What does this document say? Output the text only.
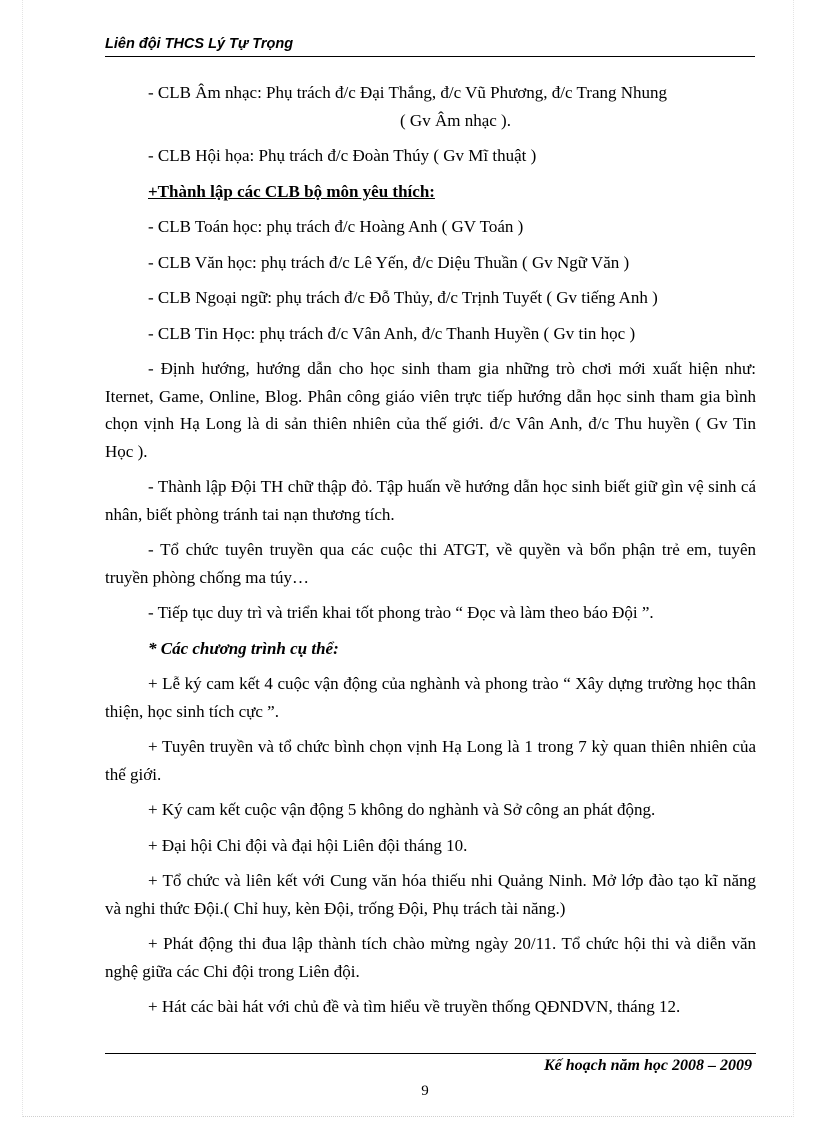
Liên đội THCS Lý Tự Trọng

- CLB Âm nhạc: Phụ trách đ/c Đại Thắng, đ/c Vũ Phương, đ/c Trang Nhung

( Gv Âm nhạc ).

- CLB Hội họa: Phụ trách đ/c Đoàn Thúy ( Gv Mĩ thuật )

+Thành lập các CLB bộ môn yêu thích:

- CLB Toán học: phụ trách đ/c Hoàng Anh ( GV Toán )

- CLB Văn học: phụ trách đ/c Lê Yến, đ/c Diệu Thuần ( Gv Ngữ Văn )

- CLB Ngoại ngữ: phụ trách đ/c Đỗ Thủy, đ/c Trịnh Tuyết ( Gv tiếng Anh )

- CLB Tin Học: phụ trách đ/c Vân Anh, đ/c Thanh Huyền ( Gv tin học )

- Định hướng, hướng dẫn cho học sinh tham gia những trò chơi mới xuất hiện như: Iternet, Game, Online, Blog. Phân công giáo viên trực tiếp hướng dẫn học sinh tham gia bình chọn vịnh Hạ Long là di sản thiên nhiên của thế giới. đ/c Vân Anh, đ/c Thu huyền ( Gv Tin Học ).

- Thành lập Đội TH chữ thập đỏ. Tập huấn về hướng dẫn học sinh biết giữ gìn vệ sinh cá nhân, biết phòng tránh tai nạn thương tích.

- Tổ chức tuyên truyền qua các cuộc thi ATGT, về quyền và bổn phận trẻ em, tuyên truyền phòng chống ma túy…

- Tiếp tục duy trì và triển khai tốt phong trào “ Đọc và làm theo báo Đội ”.

* Các chương trình cụ thể:

+ Lễ ký cam kết 4 cuộc vận động của nghành và phong trào “ Xây dựng trường học thân thiện, học sinh tích cực ”.

+ Tuyên truyền và tổ chức bình chọn vịnh Hạ Long là 1 trong 7 kỳ quan thiên nhiên của thế giới.

+ Ký cam kết cuộc vận động 5 không do nghành và Sở công an phát động.

+ Đại hội Chi đội và đại hội Liên đội tháng 10.

+ Tổ chức và liên kết với Cung văn hóa thiếu nhi Quảng Ninh. Mở lớp đào tạo kĩ năng và nghi thức Đội.( Chỉ huy, kèn Đội, trống Đội, Phụ trách tài năng.)

+ Phát động thi đua lập thành tích chào mừng ngày 20/11. Tổ chức hội thi và diễn văn nghệ giữa các Chi đội trong Liên đội.

+ Hát các bài hát với chủ đề và tìm hiểu về truyền thống QĐNDVN, tháng 12.

Kế hoạch năm học 2008 – 2009
9
